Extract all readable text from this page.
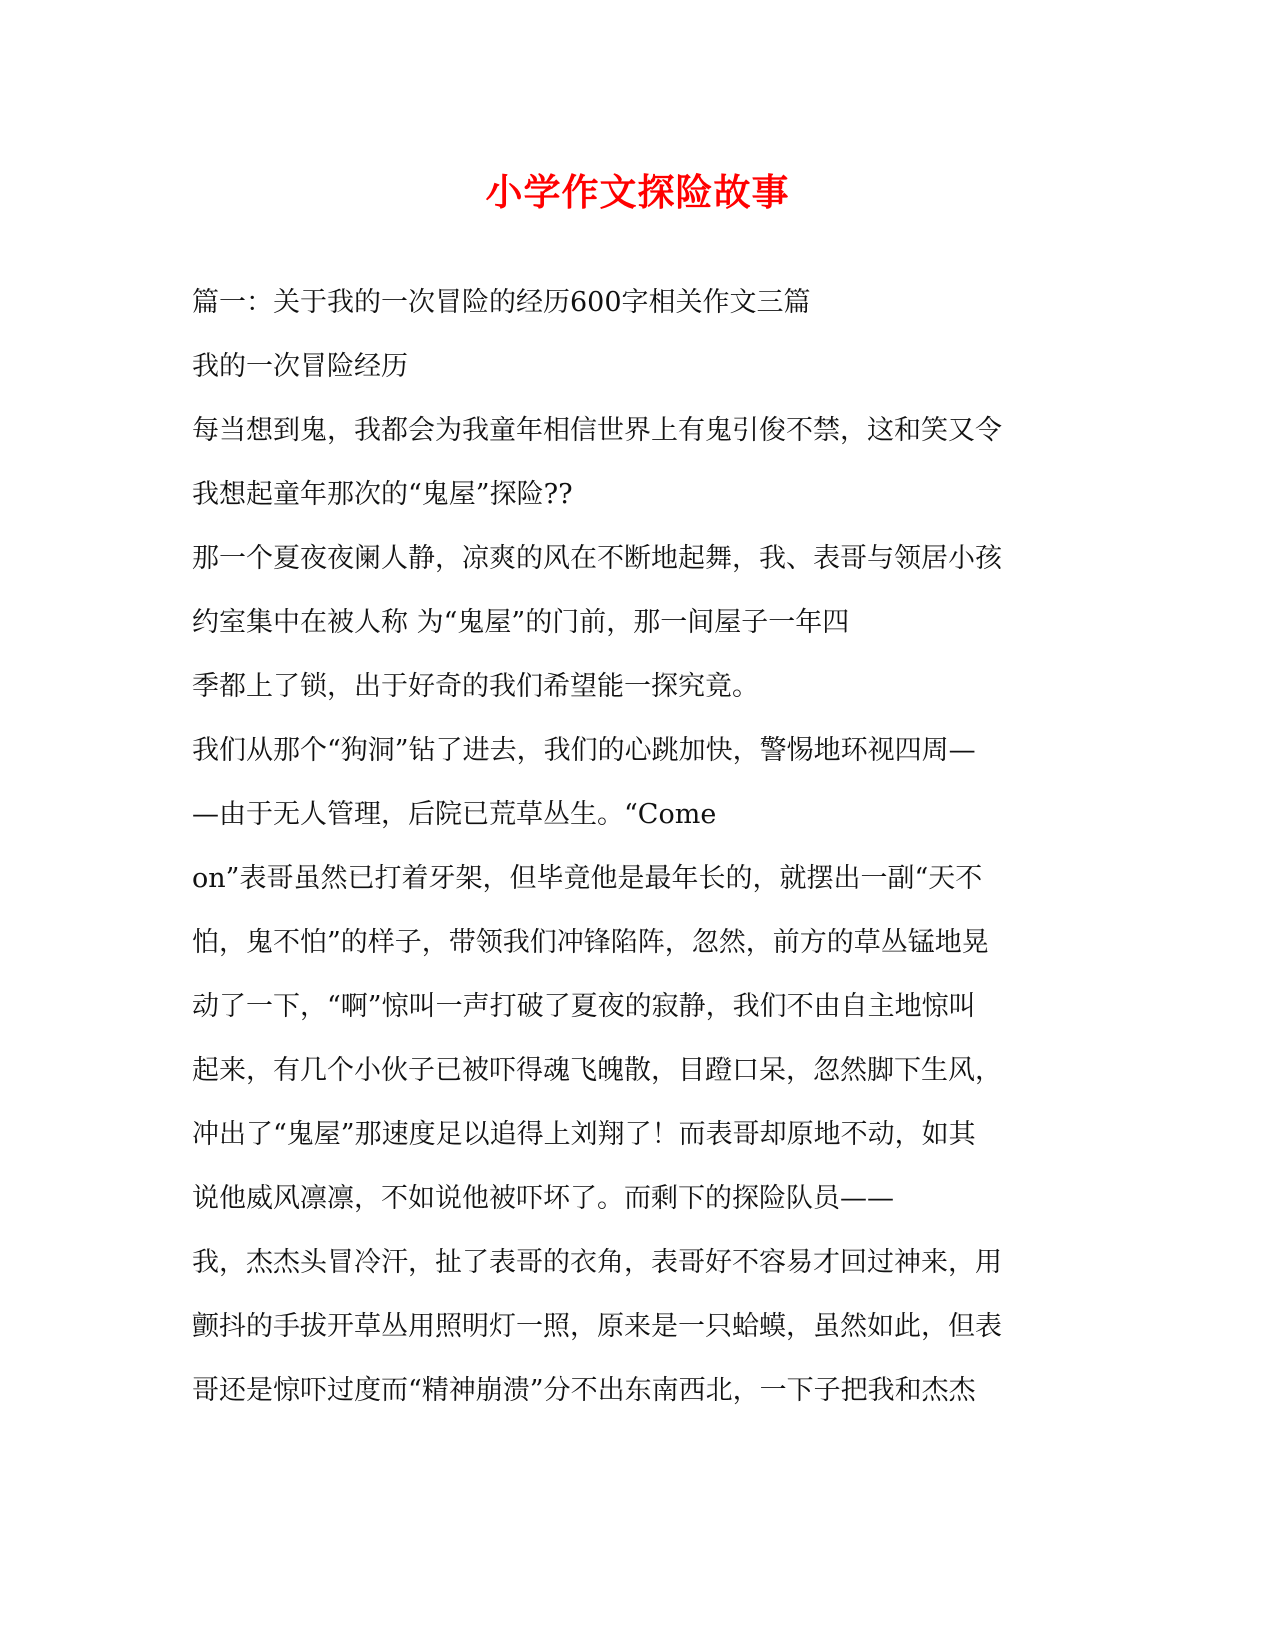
小学作文探险故事
篇一：关于我的一次冒险的经历600字相关作文三篇
我的一次冒险经历
每当想到鬼，我都会为我童年相信世界上有鬼引俊不禁，这和笑又令
我想起童年那次的“鬼屋”探险??
那一个夏夜夜阑人静，凉爽的风在不断地起舞，我、表哥与领居小孩
约室集中在被人称 为“鬼屋”的门前，那一间屋子一年四
季都上了锁，出于好奇的我们希望能一探究竟。
我们从那个“狗洞”钻了进去，我们的心跳加快，警惕地环视四周—
—由于无人管理，后院已荒草丛生。“Come
on”表哥虽然已打着牙架，但毕竟他是最年长的，就摆出一副“天不
怕，鬼不怕”的样子，带领我们冲锋陷阵，忽然，前方的草丛锰地晃
动了一下，“啊”惊叫一声打破了夏夜的寂静，我们不由自主地惊叫
起来，有几个小伙子已被吓得魂飞魄散，目蹬口呆，忽然脚下生风，
冲出了“鬼屋”那速度足以追得上刘翔了！而表哥却原地不动，如其
说他威风凛凛，不如说他被吓坏了。而剩下的探险队员——
我，杰杰头冒冷汗，扯了表哥的衣角，表哥好不容易才回过神来，用
颤抖的手拔开草丛用照明灯一照，原来是一只蛤蟆，虽然如此，但表
哥还是惊吓过度而“精神崩溃”分不出东南西北，一下子把我和杰杰
